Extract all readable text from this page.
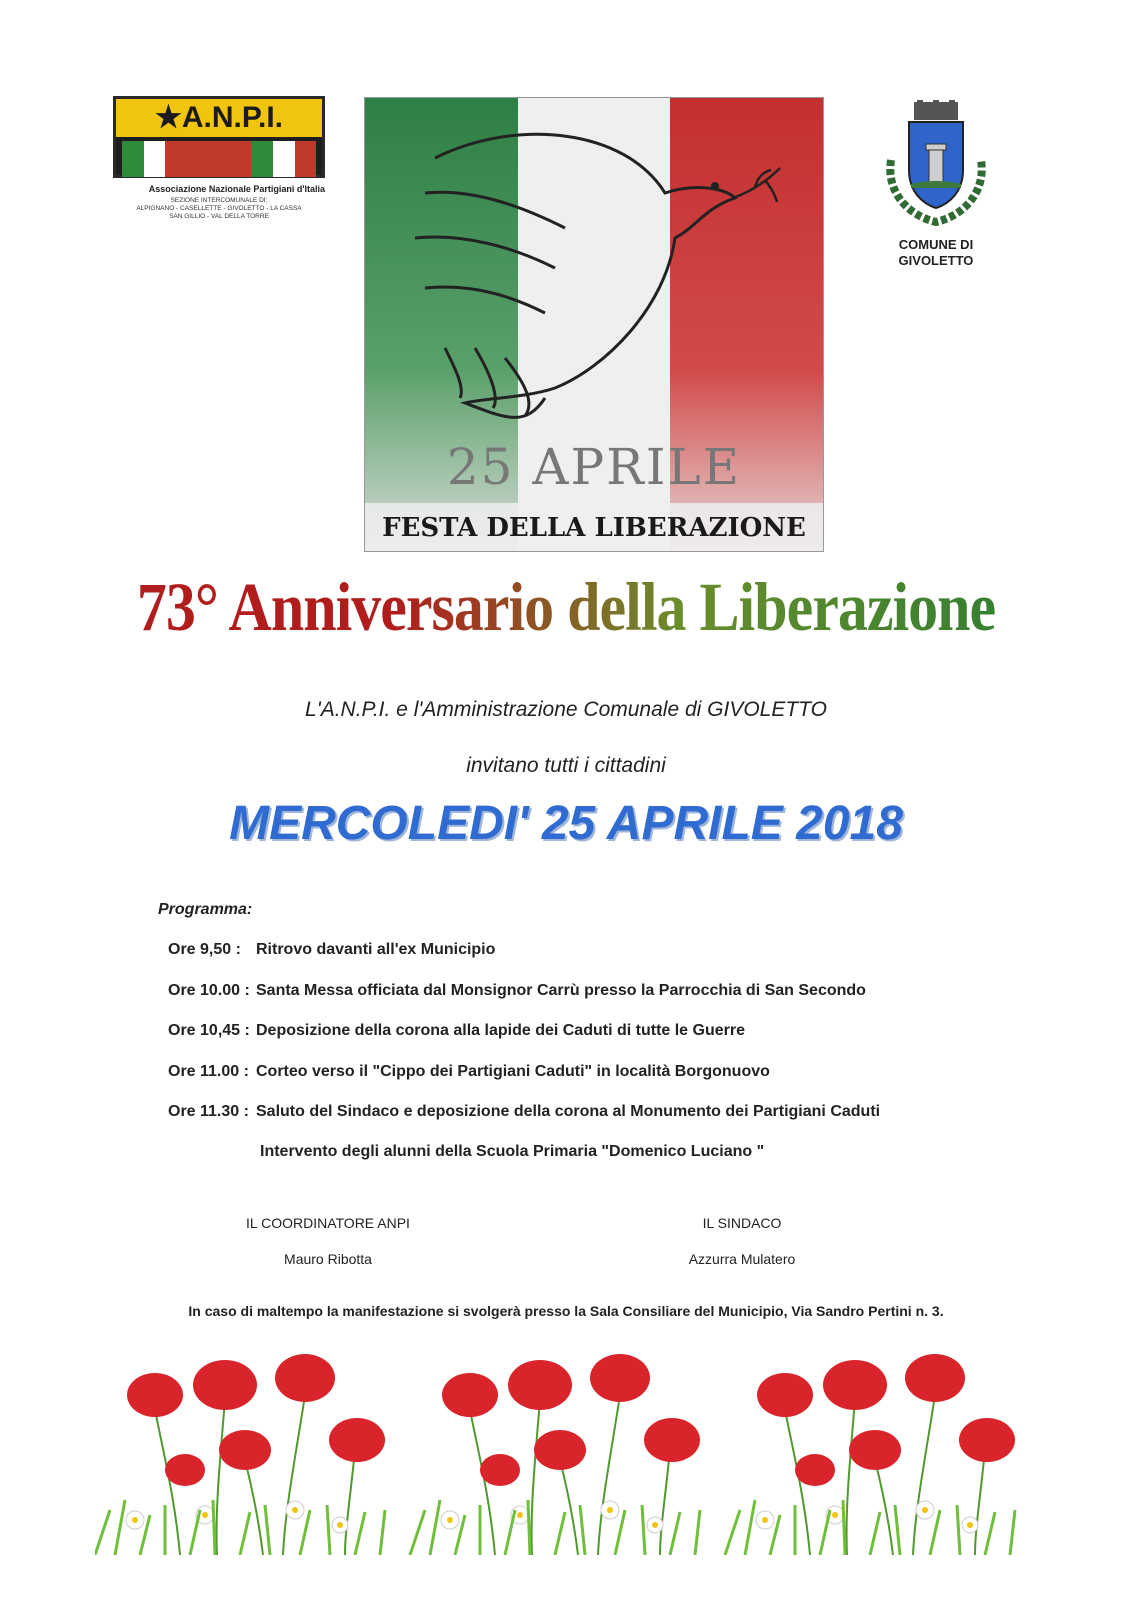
★A.N.P.I.
Associazione Nazionale Partigiani d'Italia
SEZIONE INTERCOMUNALE DI:
ALPIGNANO - CASELLETTE - GIVOLETTO - LA CASSA
SAN GILLIO - VAL DELLA TORRE
25 APRILE
FESTA DELLA LIBERAZIONE
COMUNE DI
GIVOLETTO
73° Anniversario della Liberazione
L'A.N.P.I. e l'Amministrazione Comunale di GIVOLETTO
invitano tutti i cittadini
MERCOLEDI' 25 APRILE 2018
Programma:
Ore 9,50 : Ritrovo davanti all'ex Municipio
Ore 10.00 : Santa Messa officiata dal Monsignor Carrù presso la Parrocchia di San Secondo
Ore 10,45 : Deposizione della corona alla lapide dei Caduti di tutte le Guerre
Ore 11.00 : Corteo verso il "Cippo dei Partigiani Caduti" in località Borgonuovo
Ore 11.30 : Saluto del Sindaco e deposizione della corona al Monumento dei Partigiani Caduti
Intervento degli alunni della Scuola Primaria "Domenico Luciano "
IL COORDINATORE ANPI
Mauro Ribotta
IL SINDACO
Azzurra Mulatero
In caso di maltempo la manifestazione si svolgerà presso la Sala Consiliare del Municipio, Via Sandro Pertini n. 3.
